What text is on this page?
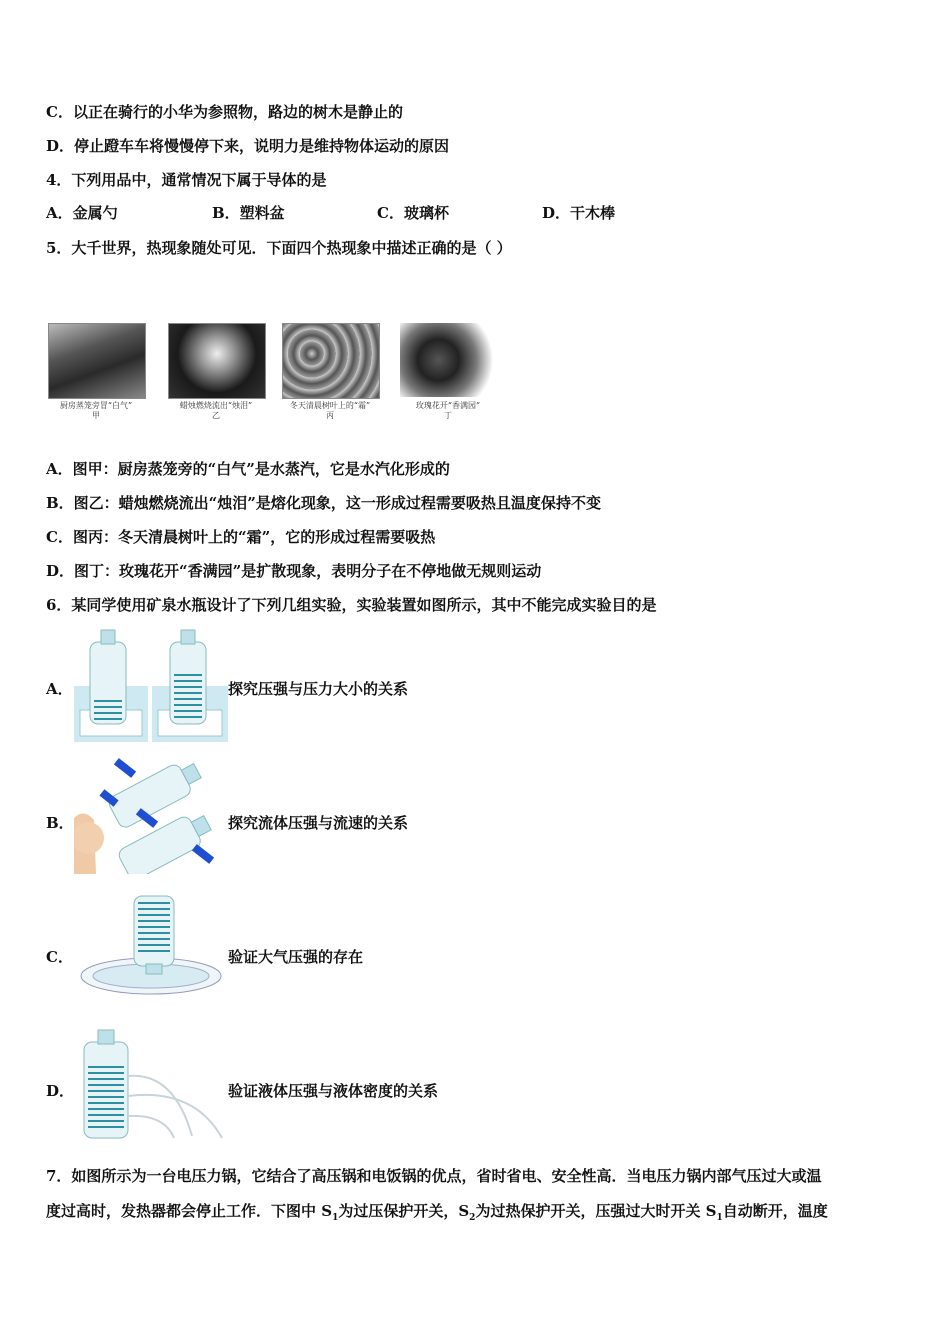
C．以正在骑行的小华为参照物，路边的树木是静止的
D．停止蹬车车将慢慢停下来，说明力是维持物体运动的原因
4．下列用品中，通常情况下属于导体的是
A．金属勺	B．塑料盆	C．玻璃杯	D．干木棒
5．大千世界，热现象随处可见．下面四个热现象中描述正确的是（ ）
厨房蒸笼旁冒“白气”
甲
蜡烛燃烧流出“烛泪”
乙
冬天清晨树叶上的“霜”
丙
玫瑰花开“香满园”
丁
A．图甲：厨房蒸笼旁的“白气”是水蒸汽，它是水汽化形成的
B．图乙：蜡烛燃烧流出“烛泪”是熔化现象，这一形成过程需要吸热且温度保持不变
C．图丙：冬天清晨树叶上的“霜”，它的形成过程需要吸热
D．图丁：玫瑰花开“香满园”是扩散现象，表明分子在不停地做无规则运动
6．某同学使用矿泉水瓶设计了下列几组实验，实验装置如图所示，其中不能完成实验目的是
A．	探究压强与压力大小的关系
B．	探究流体压强与流速的关系
C．	验证大气压强的存在
D．	验证液体压强与液体密度的关系
7．如图所示为一台电压力锅，它结合了高压锅和电饭锅的优点，省时省电、安全性高．当电压力锅内部气压过大或温
度过高时，发热器都会停止工作．下图中 $S_1$为过压保护开关，$S_2$为过热保护开关，压强过大时开关 $S_1$自动断开，温度
